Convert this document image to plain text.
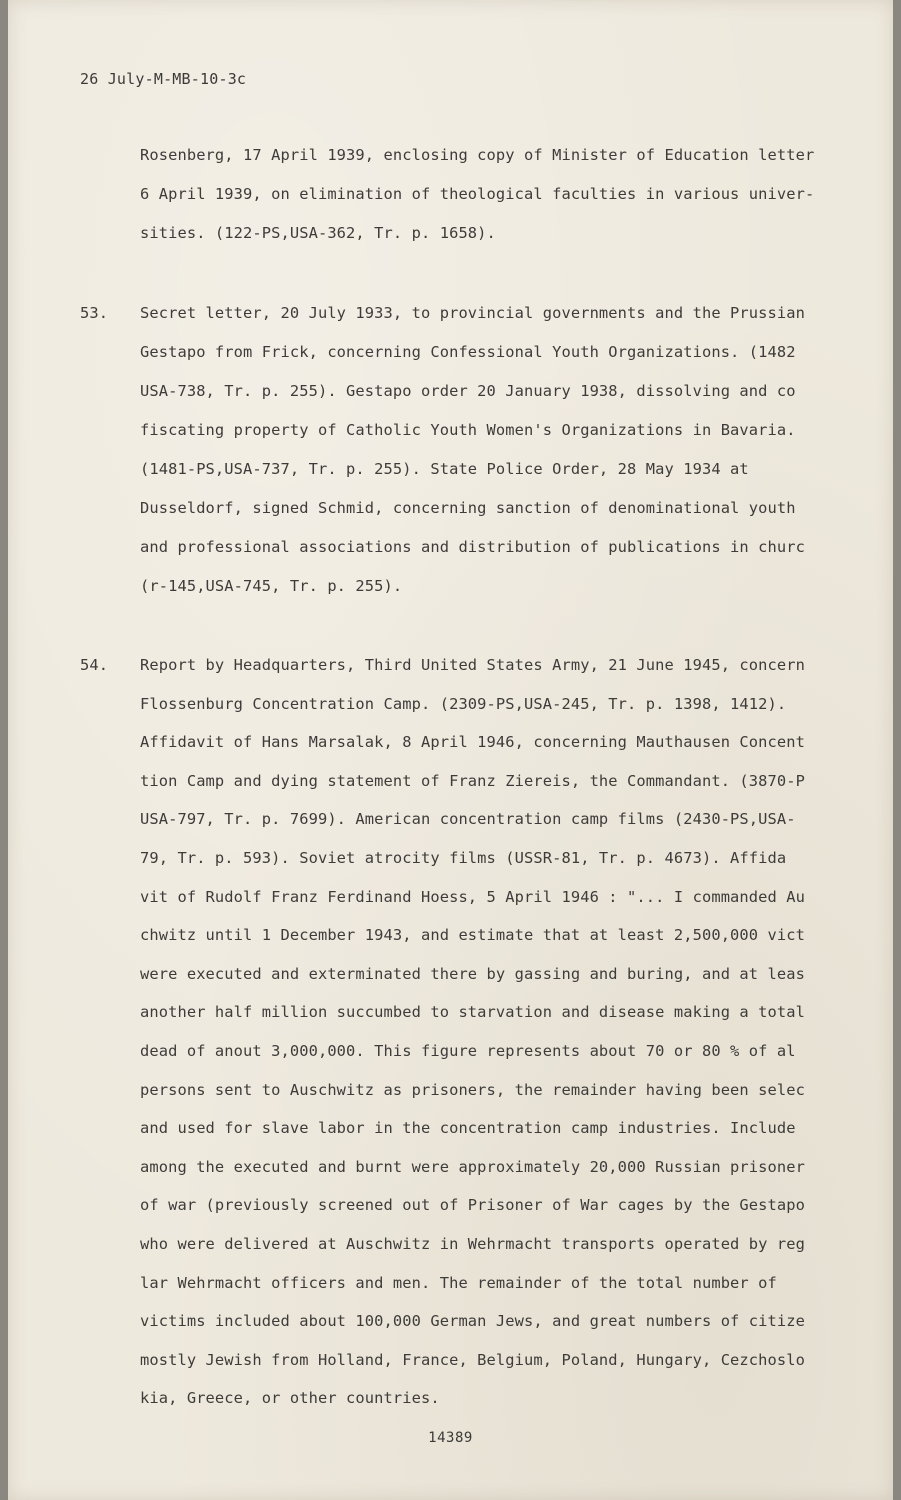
26 July-M-MB-10-3c
Rosenberg, 17 April 1939, enclosing copy of Minister of Education letter
6 April 1939, on elimination of theological faculties in various univer-
sities. (122-PS,USA-362, Tr. p. 1658).
53.	Secret letter, 20 July 1933, to provincial governments and the Prussian
Gestapo from Frick, concerning Confessional Youth Organizations. (1482
USA-738, Tr. p. 255). Gestapo order 20 January 1938, dissolving and co
fiscating property of Catholic Youth Women's Organizations in Bavaria.
(1481-PS,USA-737, Tr. p. 255). State Police Order, 28 May 1934 at
Dusseldorf, signed Schmid, concerning sanction of denominational youth
and professional associations and distribution of publications in churc
(r-145,USA-745, Tr. p. 255).
54.	Report by Headquarters, Third United States Army, 21 June 1945, concern
Flossenburg Concentration Camp. (2309-PS,USA-245, Tr. p. 1398, 1412).
Affidavit of Hans Marsalak, 8 April 1946, concerning Mauthausen Concent
tion Camp and dying statement of Franz Ziereis, the Commandant. (3870-P
USA-797, Tr. p. 7699). American concentration camp films (2430-PS,USA-
79, Tr. p. 593). Soviet atrocity films (USSR-81, Tr. p. 4673). Affida
vit of Rudolf Franz Ferdinand Hoess, 5 April 1946 : "... I commanded Au
chwitz until 1 December 1943, and estimate that at least 2,500,000 vict
were executed and exterminated there by gassing and buring, and at leas
another half million succumbed to starvation and disease making a total
dead of anout 3,000,000. This figure represents about 70 or 80 % of al
persons sent to Auschwitz as prisoners, the remainder having been selec
and used for slave labor in the concentration camp industries. Include
among the executed and burnt were approximately 20,000 Russian prisoner
of war (previously screened out of Prisoner of War cages by the Gestapo
who were delivered at Auschwitz in Wehrmacht transports operated by reg
lar Wehrmacht officers and men. The remainder of the total number of
victims included about 100,000 German Jews, and great numbers of citize
mostly Jewish from Holland, France, Belgium, Poland, Hungary, Cezchoslo
kia, Greece, or other countries.
14389
